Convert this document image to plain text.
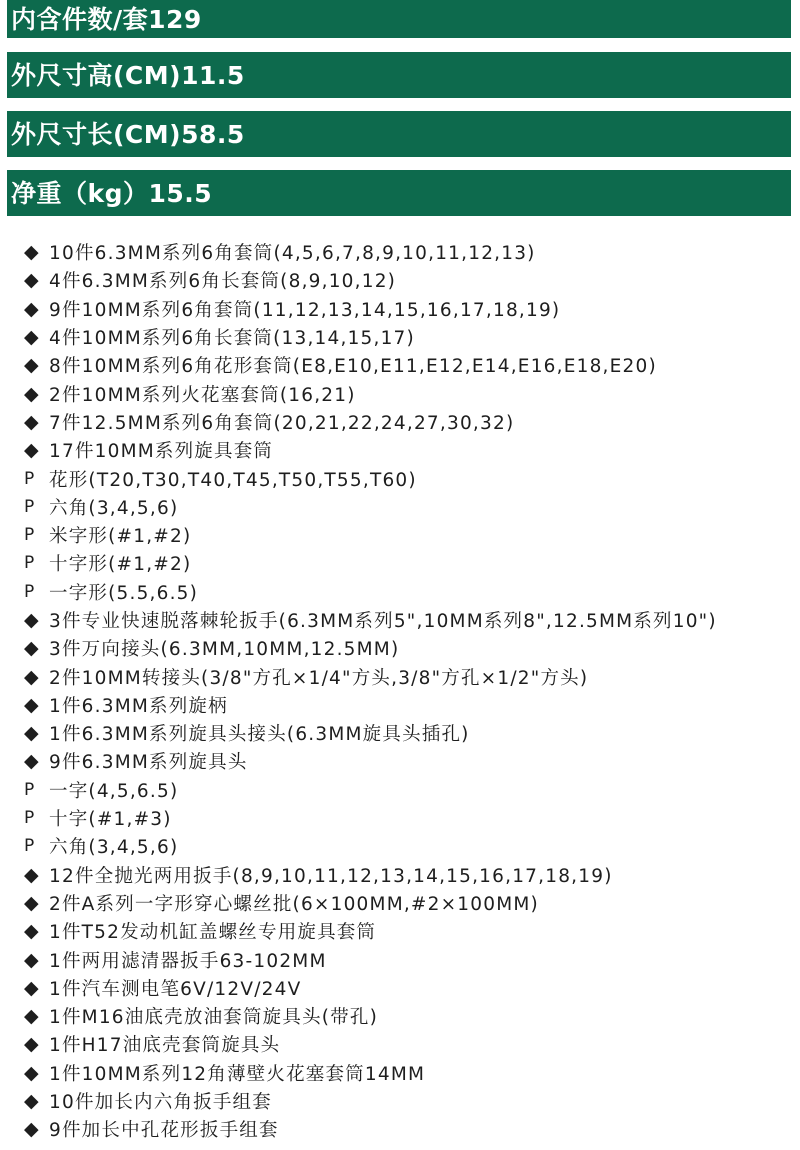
内含件数/套129
外尺寸高(CM)11.5
外尺寸长(CM)58.5
净重（kg）15.5
◆ 10件6.3MM系列6角套筒(4,5,6,7,8,9,10,11,12,13)
◆ 4件6.3MM系列6角长套筒(8,9,10,12)
◆ 9件10MM系列6角套筒(11,12,13,14,15,16,17,18,19)
◆ 4件10MM系列6角长套筒(13,14,15,17)
◆ 8件10MM系列6角花形套筒(E8,E10,E11,E12,E14,E16,E18,E20)
◆ 2件10MM系列火花塞套筒(16,21)
◆ 7件12.5MM系列6角套筒(20,21,22,24,27,30,32)
◆ 17件10MM系列旋具套筒
P 花形(T20,T30,T40,T45,T50,T55,T60)
P 六角(3,4,5,6)
P 米字形(#1,#2)
P 十字形(#1,#2)
P 一字形(5.5,6.5)
◆ 3件专业快速脱落棘轮扳手(6.3MM系列5",10MM系列8",12.5MM系列10")
◆ 3件万向接头(6.3MM,10MM,12.5MM)
◆ 2件10MM转接头(3/8"方孔×1/4"方头,3/8"方孔×1/2"方头)
◆ 1件6.3MM系列旋柄
◆ 1件6.3MM系列旋具头接头(6.3MM旋具头插孔)
◆ 9件6.3MM系列旋具头
P 一字(4,5,6.5)
P 十字(#1,#3)
P 六角(3,4,5,6)
◆ 12件全抛光两用扳手(8,9,10,11,12,13,14,15,16,17,18,19)
◆ 2件A系列一字形穿心螺丝批(6×100MM,#2×100MM)
◆ 1件T52发动机缸盖螺丝专用旋具套筒
◆ 1件两用滤清器扳手63-102MM
◆ 1件汽车测电笔6V/12V/24V
◆ 1件M16油底壳放油套筒旋具头(带孔)
◆ 1件H17油底壳套筒旋具头
◆ 1件10MM系列12角薄壁火花塞套筒14MM
◆ 10件加长内六角扳手组套
◆ 9件加长中孔花形扳手组套
